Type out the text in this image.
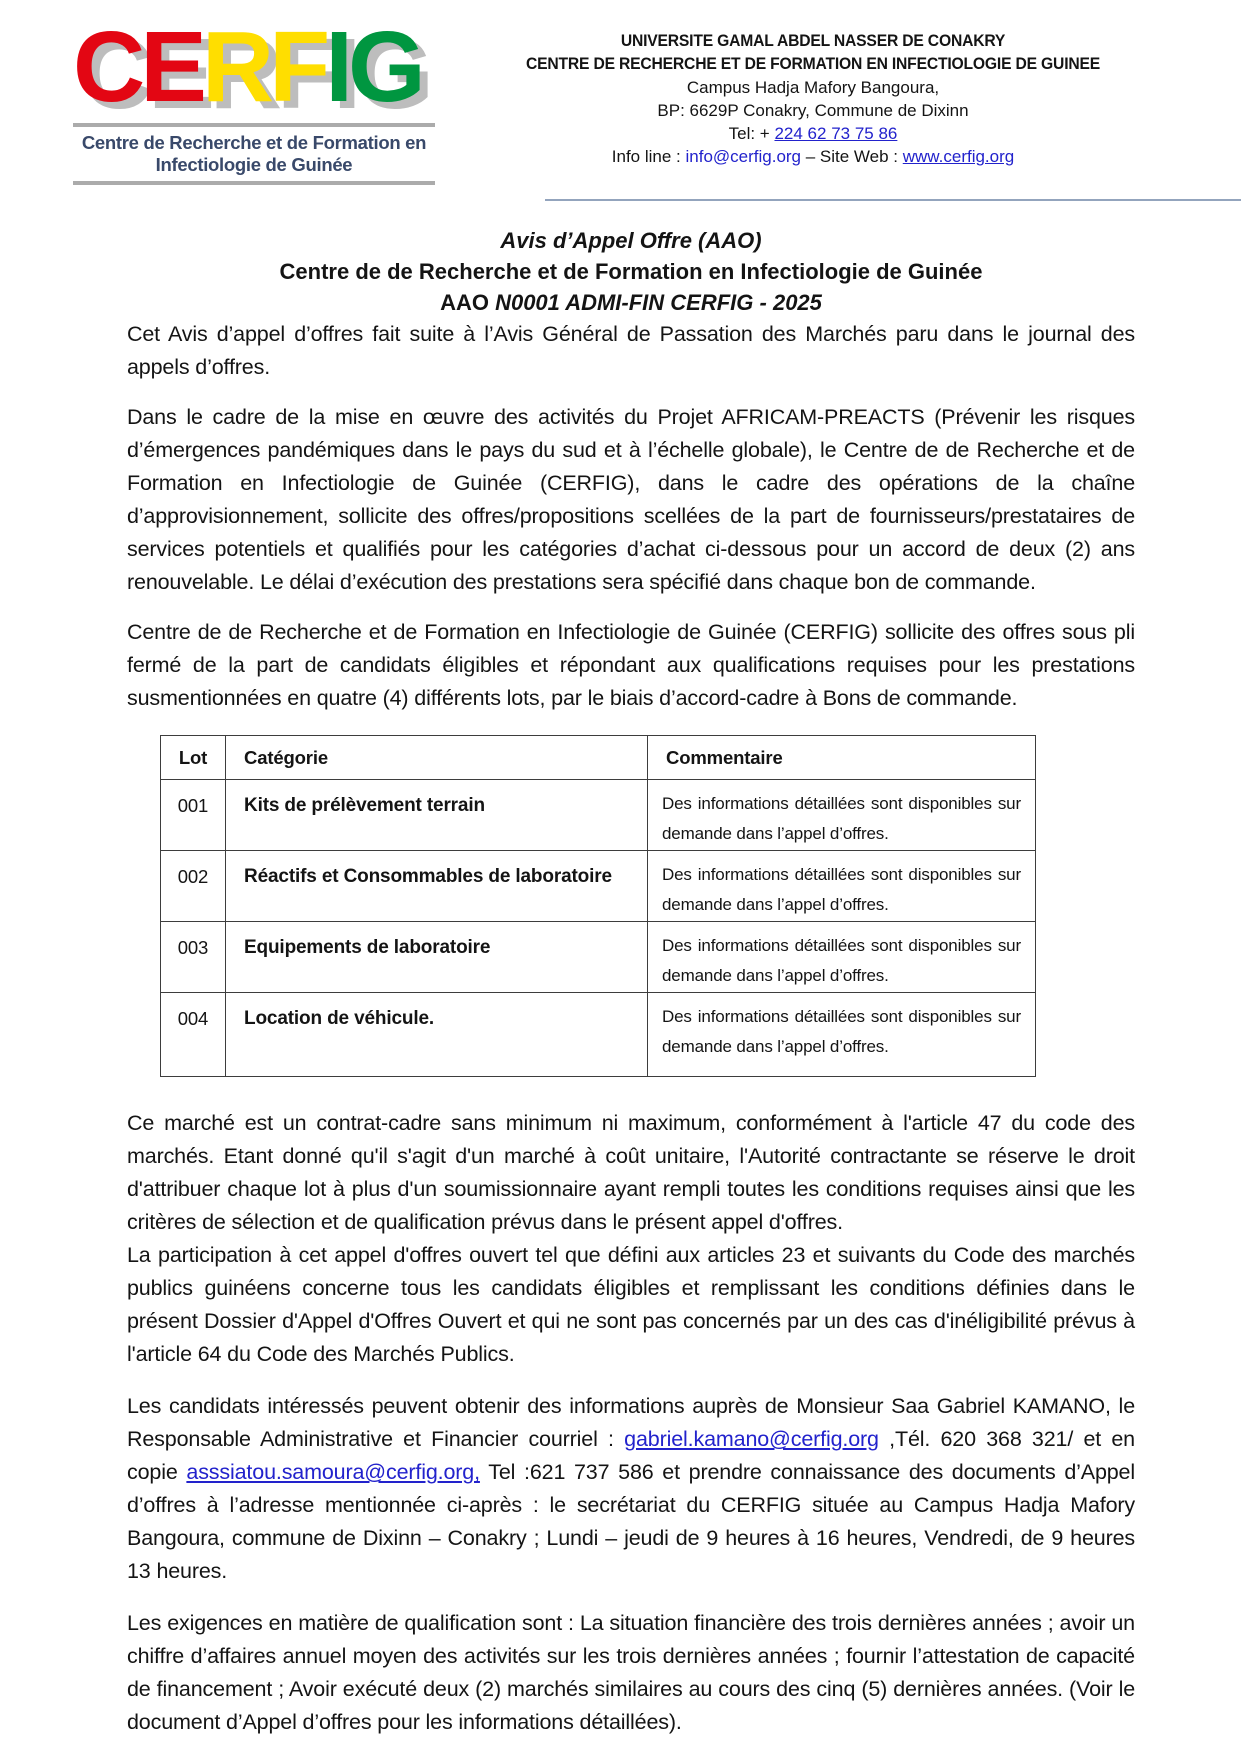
CERFIG
Centre de Recherche et de Formation en Infectiologie de Guinée
UNIVERSITE GAMAL ABDEL NASSER DE CONAKRY
CENTRE DE RECHERCHE ET DE FORMATION EN INFECTIOLOGIE DE GUINEE
Campus Hadja Mafory Bangoura,
BP: 6629P Conakry, Commune de Dixinn
Tel: + 224 62 73 75 86
Info line : info@cerfig.org – Site Web : www.cerfig.org
Avis d’Appel Offre (AAO)
Centre de de Recherche et de Formation en Infectiologie de Guinée
AAO N0001 ADMI-FIN CERFIG - 2025

Cet Avis d’appel d’offres fait suite à l’Avis Général de Passation des Marchés paru dans le journal des appels d’offres.

Dans le cadre de la mise en œuvre des activités du Projet AFRICAM-PREACTS (Prévenir les risques d’émergences pandémiques dans le pays du sud et à l’échelle globale), le Centre de de Recherche et de Formation en Infectiologie de Guinée (CERFIG), dans le cadre des opérations de la chaîne d’approvisionnement, sollicite des offres/propositions scellées de la part de fournisseurs/prestataires de services potentiels et qualifiés pour les catégories d’achat ci-dessous pour un accord de deux (2) ans renouvelable. Le délai d’exécution des prestations sera spécifié dans chaque bon de commande.

Centre de de Recherche et de Formation en Infectiologie de Guinée (CERFIG) sollicite des offres sous pli fermé de la part de candidats éligibles et répondant aux qualifications requises pour les prestations susmentionnées en quatre (4) différents lots, par le biais d’accord-cadre à Bons de commande.

Lot	Catégorie	Commentaire
001	Kits de prélèvement terrain	Des informations détaillées sont disponibles sur demande dans l’appel d’offres.
002	Réactifs et Consommables de laboratoire	Des informations détaillées sont disponibles sur demande dans l’appel d’offres.
003	Equipements de laboratoire	Des informations détaillées sont disponibles sur demande dans l’appel d’offres.
004	Location de véhicule.	Des informations détaillées sont disponibles sur demande dans l’appel d’offres.

Ce marché est un contrat-cadre sans minimum ni maximum, conformément à l'article 47 du code des marchés. Etant donné qu'il s'agit d'un marché à coût unitaire, l'Autorité contractante se réserve le droit d'attribuer chaque lot à plus d'un soumissionnaire ayant rempli toutes les conditions requises ainsi que les critères de sélection et de qualification prévus dans le présent appel d'offres.

La participation à cet appel d'offres ouvert tel que défini aux articles 23 et suivants du Code des marchés publics guinéens concerne tous les candidats éligibles et remplissant les conditions définies dans le présent Dossier d'Appel d'Offres Ouvert et qui ne sont pas concernés par un des cas d'inéligibilité prévus à l'article 64 du Code des Marchés Publics.

Les candidats intéressés peuvent obtenir des informations auprès de Monsieur Saa Gabriel KAMANO, le Responsable Administrative et Financier courriel : gabriel.kamano@cerfig.org ,Tél. 620 368 321/ et en copie asssiatou.samoura@cerfig.org, Tel :621 737 586 et prendre connaissance des documents d’Appel d’offres à l’adresse mentionnée ci-après : le secrétariat du CERFIG située au Campus Hadja Mafory Bangoura, commune de Dixinn – Conakry ; Lundi – jeudi de 9 heures à 16 heures, Vendredi, de 9 heures 13 heures.

Les exigences en matière de qualification sont : La situation financière des trois dernières années ; avoir un chiffre d’affaires annuel moyen des activités sur les trois dernières années ; fournir l’attestation de capacité de financement ; Avoir exécuté deux (2) marchés similaires au cours des cinq (5) dernières années. (Voir le document d’Appel d’offres pour les informations détaillées).
